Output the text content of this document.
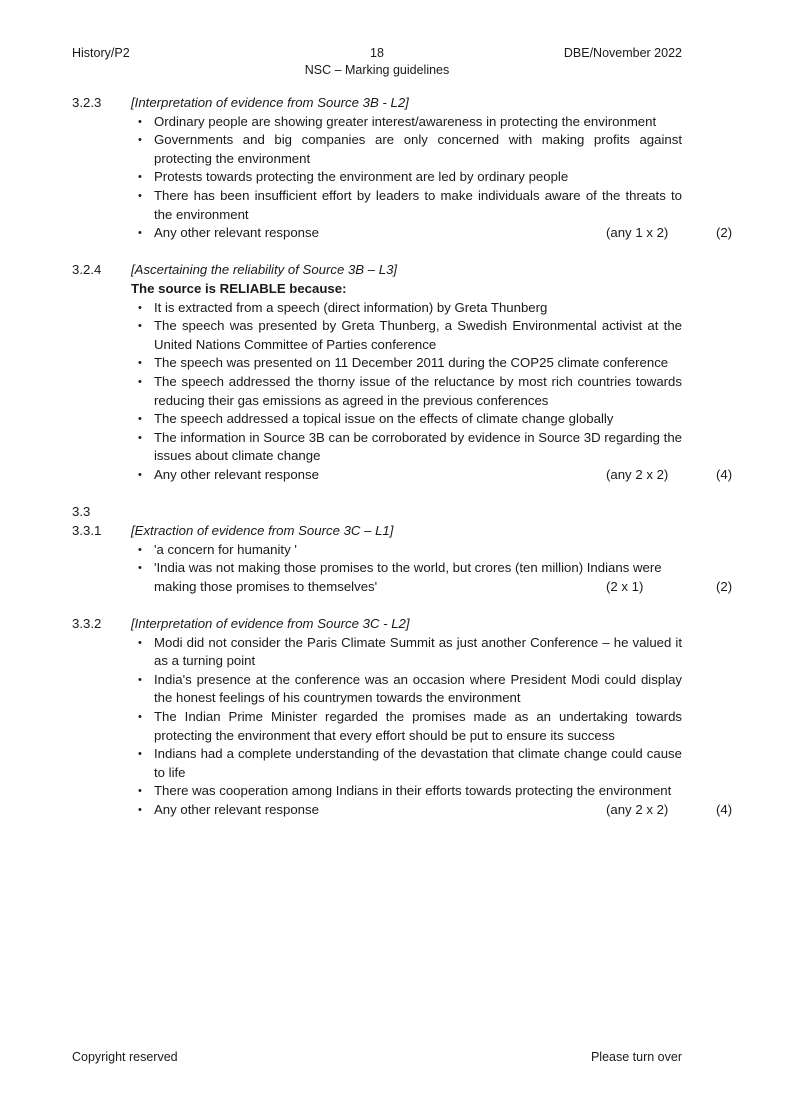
History/P2	18	DBE/November 2022
NSC – Marking guidelines
3.2.3 [Interpretation of evidence from Source 3B - L2]
• Ordinary people are showing greater interest/awareness in protecting the environment
• Governments and big companies are only concerned with making profits against protecting the environment
• Protests towards protecting the environment are led by ordinary people
• There has been insufficient effort by leaders to make individuals aware of the threats to the environment
• Any other relevant response	(any 1 x 2)	(2)
3.2.4 [Ascertaining the reliability of Source 3B – L3]
The source is RELIABLE because:
• It is extracted from a speech (direct information) by Greta Thunberg
• The speech was presented by Greta Thunberg, a Swedish Environmental activist at the United Nations Committee of Parties conference
• The speech was presented on 11 December 2011 during the COP25 climate conference
• The speech addressed the thorny issue of the reluctance by most rich countries towards reducing their gas emissions as agreed in the previous conferences
• The speech addressed a topical issue on the effects of climate change globally
• The information in Source 3B can be corroborated by evidence in Source 3D regarding the issues about climate change
• Any other relevant response	(any 2 x 2)	(4)
3.3
3.3.1 [Extraction of evidence from Source 3C – L1]
• 'a concern for humanity '
• 'India was not making those promises to the world, but crores (ten million) Indians were making those promises to themselves'	(2 x 1)	(2)
3.3.2 [Interpretation of evidence from Source 3C - L2]
• Modi did not consider the Paris Climate Summit as just another Conference – he valued it as a turning point
• India's presence at the conference was an occasion where President Modi could display the honest feelings of his countrymen towards the environment
• The Indian Prime Minister regarded the promises made as an undertaking towards protecting the environment that every effort should be put to ensure its success
• Indians had a complete understanding of the devastation that climate change could cause to life
• There was cooperation among Indians in their efforts towards protecting the environment
• Any other relevant response	(any 2 x 2)	(4)
Copyright reserved	Please turn over
